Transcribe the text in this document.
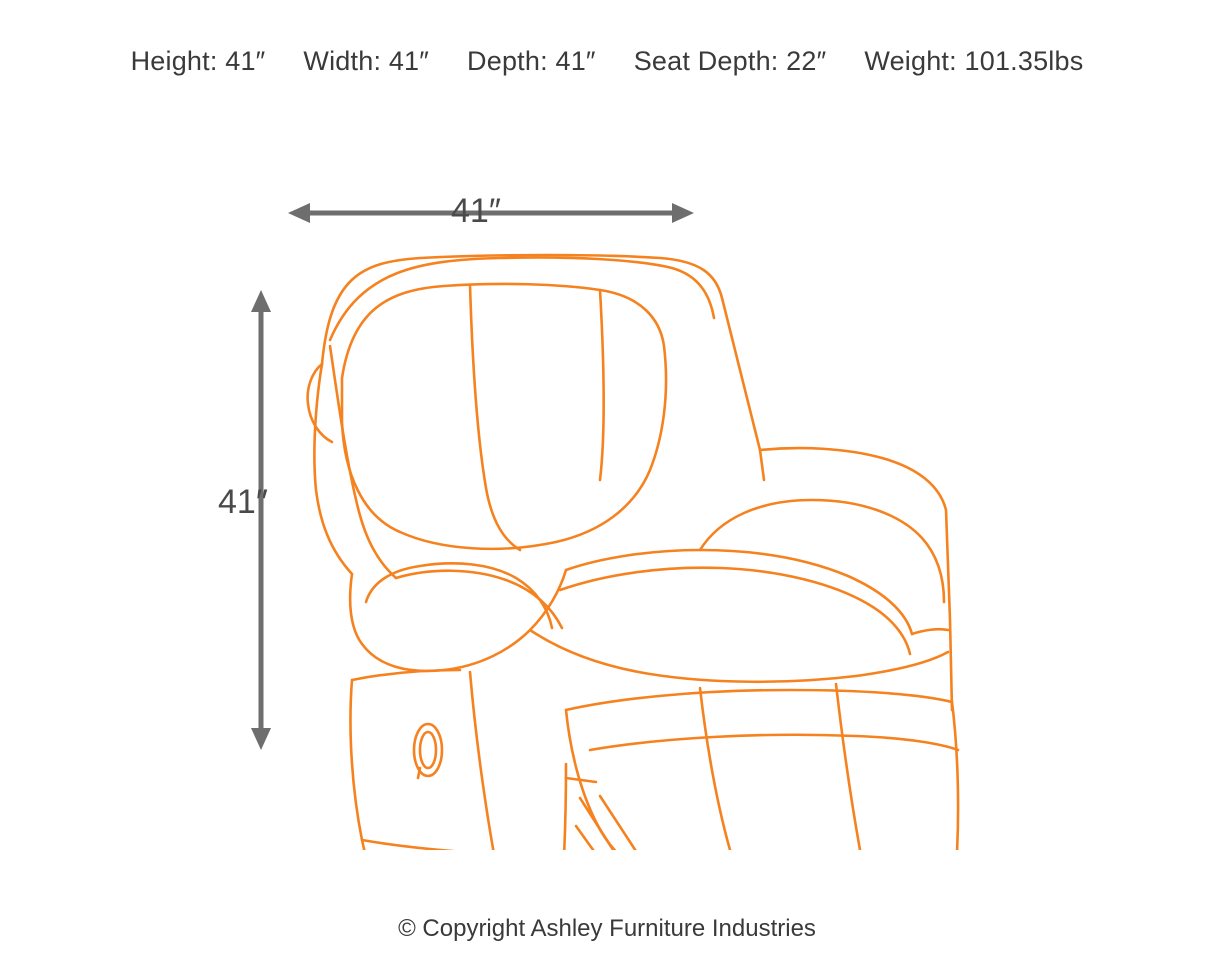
Height: 41″ Width: 41″ Depth: 41″ Seat Depth: 22″ Weight: 101.35lbs
41″
41″
© Copyright Ashley Furniture Industries
